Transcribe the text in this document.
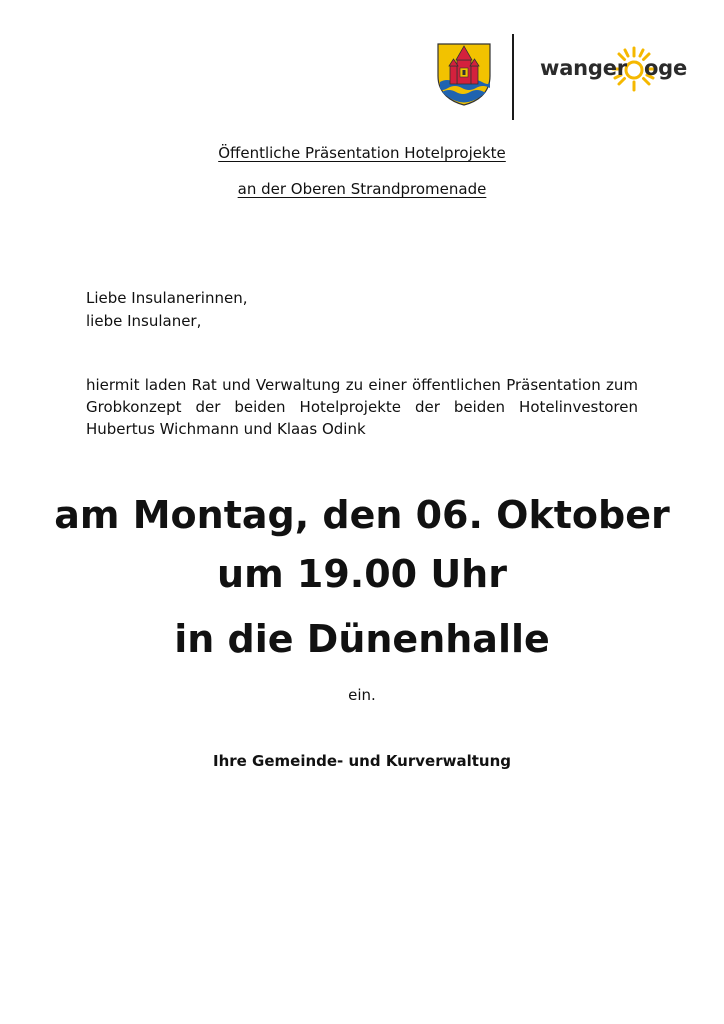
wanger oge
Öffentliche Präsentation Hotelprojekte
an der Oberen Strandpromenade
Liebe Insulanerinnen,
liebe Insulaner,
hiermit laden Rat und Verwaltung zu einer öffentlichen Präsentation zum Grobkonzept der beiden Hotelprojekte der beiden Hotelinvestoren Hubertus Wichmann und Klaas Odink
am Montag, den 06. Oktober
um 19.00 Uhr
in die Dünenhalle
ein.
Ihre Gemeinde- und Kurverwaltung
